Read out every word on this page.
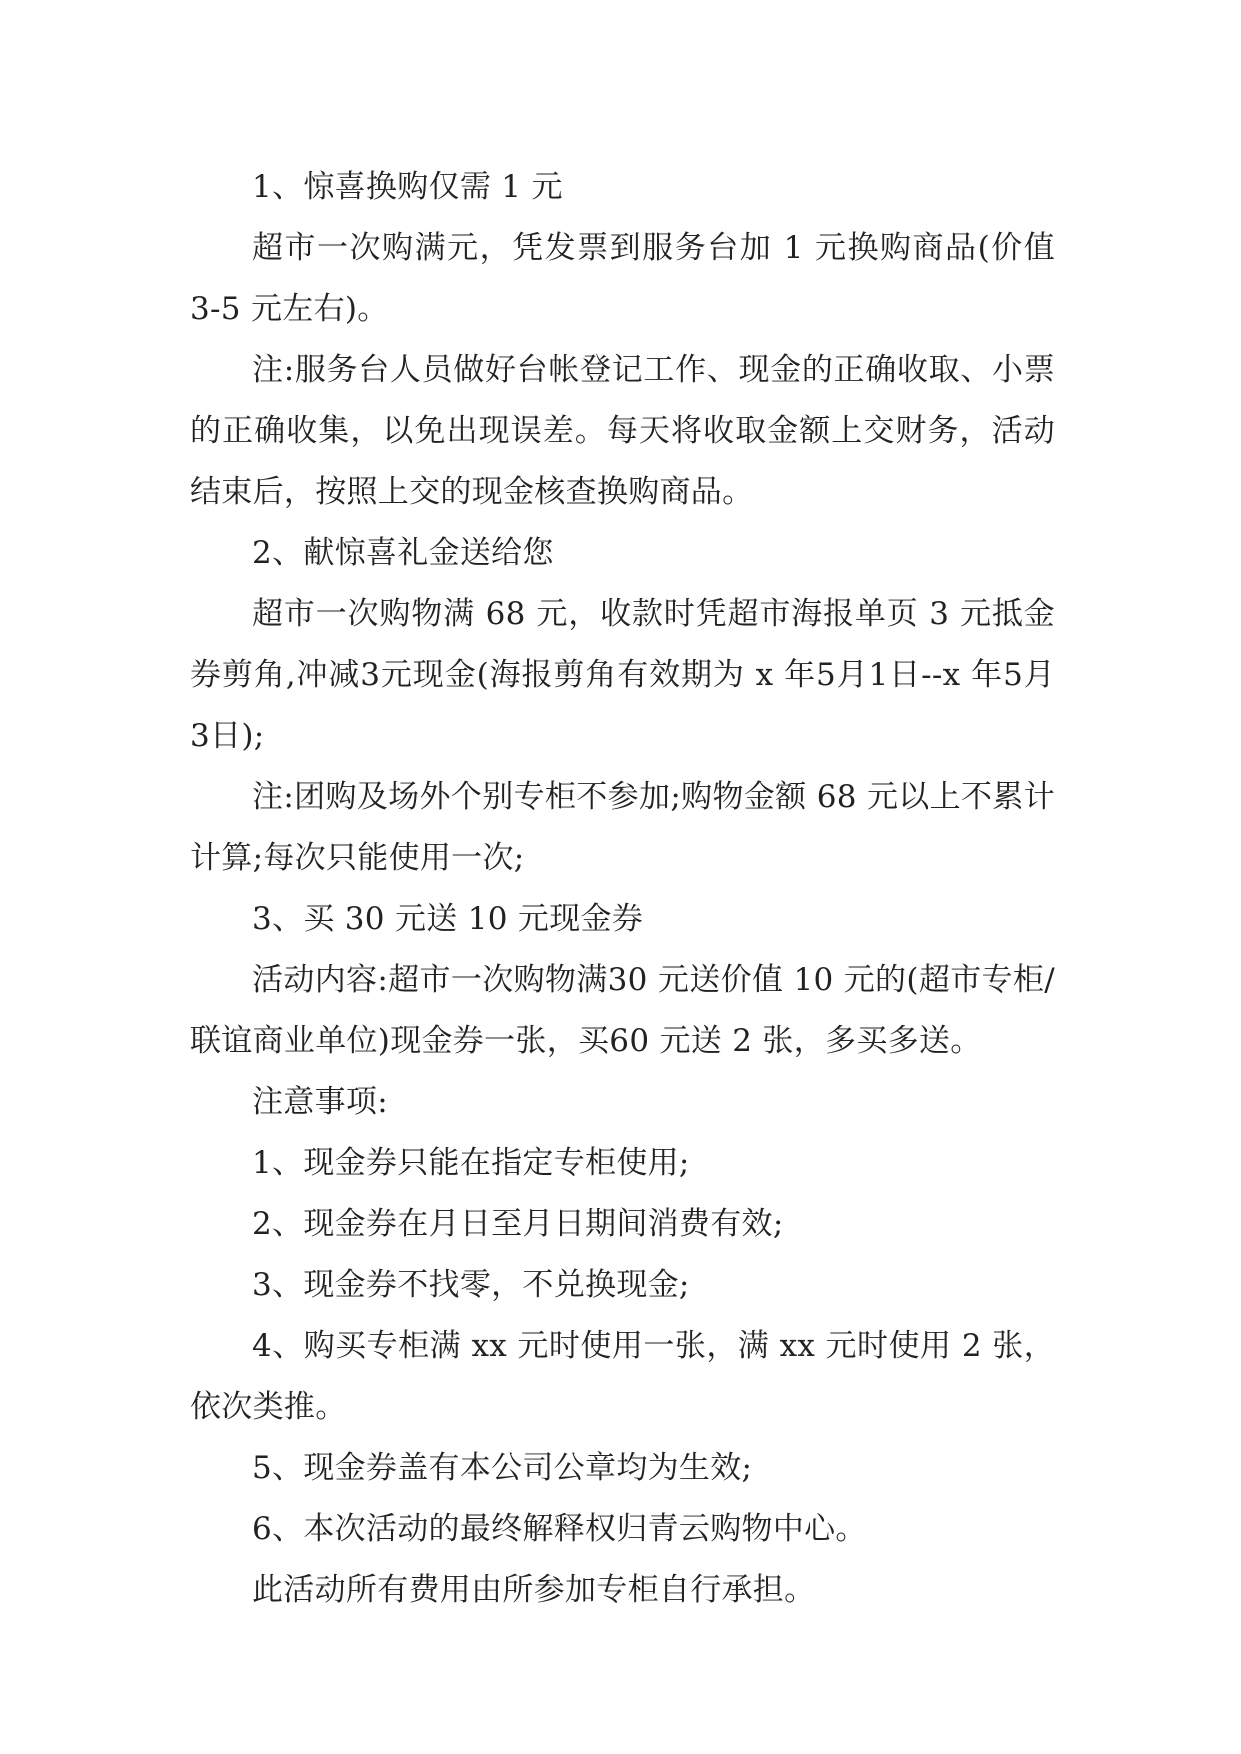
1、惊喜换购仅需 1 元

超市一次购满元，凭发票到服务台加 1 元换购商品(价值 3-5 元左右)。

注:服务台人员做好台帐登记工作、现金的正确收取、小票的正确收集，以免出现误差。每天将收取金额上交财务，活动结束后，按照上交的现金核查换购商品。

2、献惊喜礼金送给您

超市一次购物满 68 元，收款时凭超市海报单页 3 元抵金券剪角,冲减3元现金(海报剪角有效期为 x 年5月1日--x 年5月3日);

注:团购及场外个别专柜不参加;购物金额 68 元以上不累计计算;每次只能使用一次;

3、买 30 元送 10 元现金券

活动内容:超市一次购物满30 元送价值 10 元的(超市专柜/联谊商业单位)现金券一张，买60 元送 2 张，多买多送。

注意事项:

1、现金券只能在指定专柜使用;

2、现金券在月日至月日期间消费有效;

3、现金券不找零，不兑换现金;

4、购买专柜满 xx 元时使用一张，满 xx 元时使用 2 张，依次类推。

5、现金券盖有本公司公章均为生效;

6、本次活动的最终解释权归青云购物中心。

此活动所有费用由所参加专柜自行承担。
